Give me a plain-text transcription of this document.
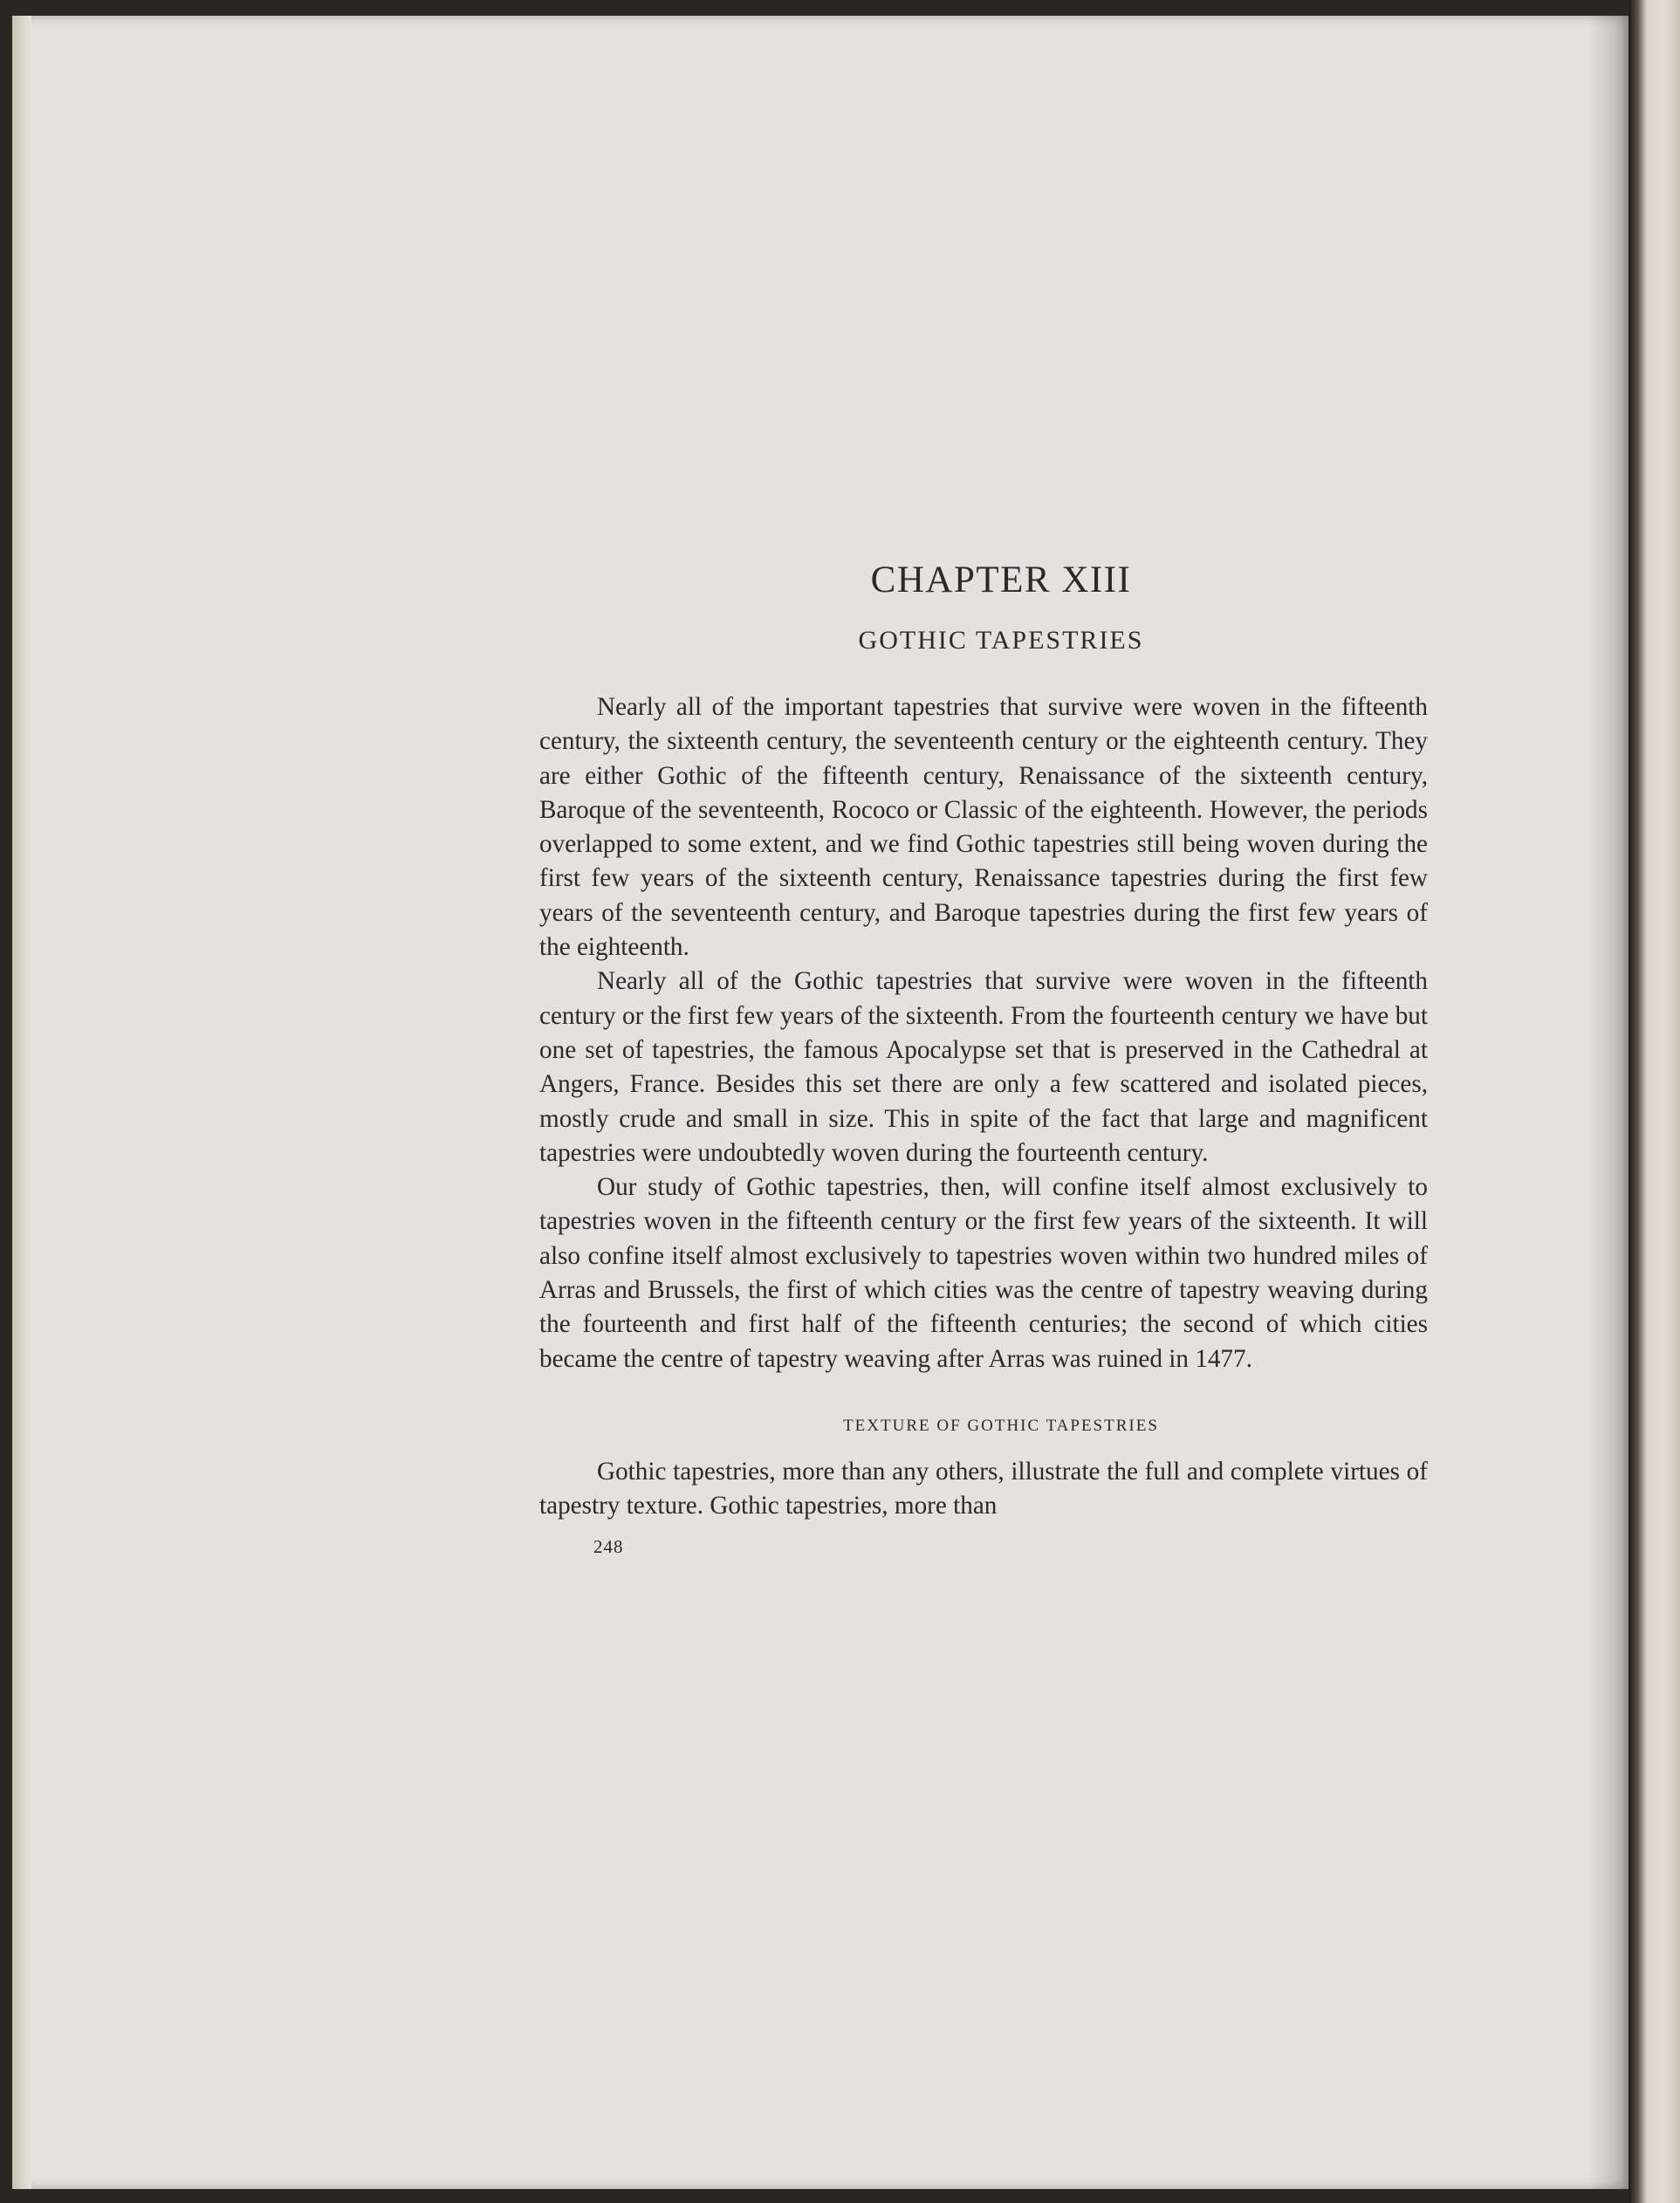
CHAPTER XIII
GOTHIC TAPESTRIES

Nearly all of the important tapestries that survive were woven in the fifteenth century, the sixteenth century, the seventeenth century or the eighteenth century. They are either Gothic of the fifteenth century, Renaissance of the sixteenth century, Baroque of the seventeenth, Rococo or Classic of the eighteenth. However, the periods overlapped to some extent, and we find Gothic tapestries still being woven during the first few years of the sixteenth century, Renaissance tapestries during the first few years of the seventeenth century, and Baroque tapestries during the first few years of the eighteenth.

Nearly all of the Gothic tapestries that survive were woven in the fifteenth century or the first few years of the sixteenth. From the fourteenth century we have but one set of tapestries, the famous Apocalypse set that is preserved in the Cathedral at Angers, France. Besides this set there are only a few scattered and isolated pieces, mostly crude and small in size. This in spite of the fact that large and magnificent tapestries were undoubtedly woven during the fourteenth century.

Our study of Gothic tapestries, then, will confine itself almost exclusively to tapestries woven in the fifteenth century or the first few years of the sixteenth. It will also confine itself almost exclusively to tapestries woven within two hundred miles of Arras and Brussels, the first of which cities was the centre of tapestry weaving during the fourteenth and first half of the fifteenth centuries; the second of which cities became the centre of tapestry weaving after Arras was ruined in 1477.

TEXTURE OF GOTHIC TAPESTRIES

Gothic tapestries, more than any others, illustrate the full and complete virtues of tapestry texture. Gothic tapestries, more than

248
